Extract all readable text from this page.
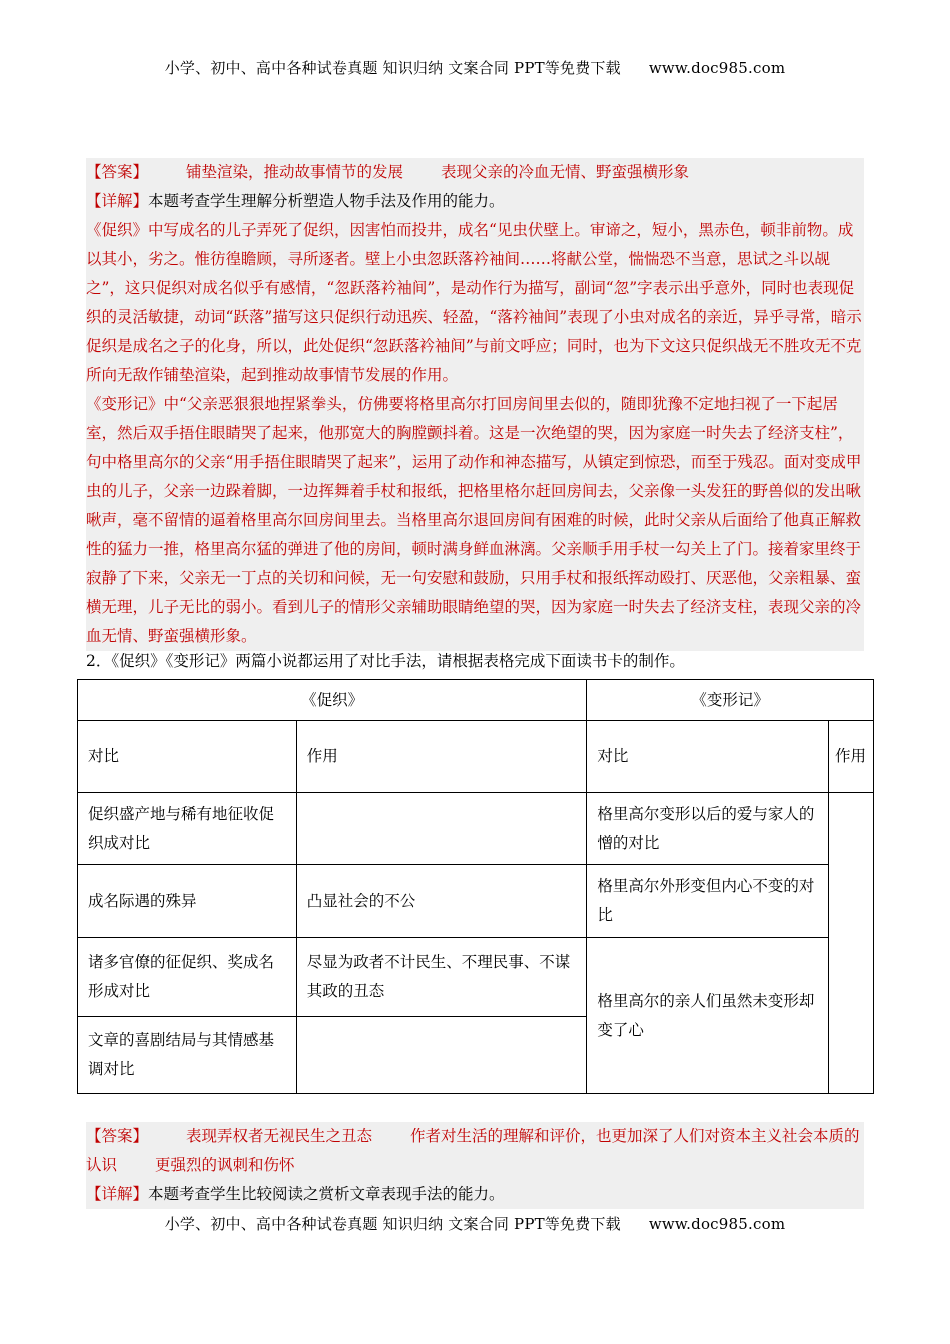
小学、初中、高中各种试卷真题 知识归纳 文案合同 PPT等免费下载 www.doc985.com

【答案】 铺垫渲染，推动故事情节的发展 表现父亲的冷血无情、野蛮强横形象

【详解】本题考查学生理解分析塑造人物手法及作用的能力。

《促织》中写成名的儿子弄死了促织，因害怕而投井，成名“见虫伏壁上。审谛之，短小，黑赤色，顿非前物。成以其小，劣之。惟彷徨瞻顾，寻所逐者。壁上小虫忽跃落衿袖间……将献公堂，惴惴恐不当意，思试之斗以觇之”，这只促织对成名似乎有感情，“忽跃落衿袖间”，是动作行为描写，副词“忽”字表示出乎意外，同时也表现促织的灵活敏捷，动词“跃落”描写这只促织行动迅疾、轻盈，“落衿袖间”表现了小虫对成名的亲近，异乎寻常，暗示促织是成名之子的化身，所以，此处促织“忽跃落衿袖间”与前文呼应；同时，也为下文这只促织战无不胜攻无不克所向无敌作铺垫渲染，起到推动故事情节发展的作用。

《变形记》中“父亲恶狠狠地捏紧拳头，仿佛要将格里高尔打回房间里去似的，随即犹豫不定地扫视了一下起居室，然后双手捂住眼睛哭了起来，他那宽大的胸膛颤抖着。这是一次绝望的哭，因为家庭一时失去了经济支柱”，句中格里高尔的父亲“用手捂住眼睛哭了起来”，运用了动作和神态描写，从镇定到惊恐，而至于残忍。面对变成甲虫的儿子，父亲一边跺着脚，一边挥舞着手杖和报纸，把格里格尔赶回房间去，父亲像一头发狂的野兽似的发出啾啾声，毫不留情的逼着格里高尔回房间里去。当格里高尔退回房间有困难的时候，此时父亲从后面给了他真正解救性的猛力一推，格里高尔猛的弹进了他的房间，顿时满身鲜血淋漓。父亲顺手用手杖一勾关上了门。接着家里终于寂静了下来，父亲无一丁点的关切和问候，无一句安慰和鼓励，只用手杖和报纸挥动殴打、厌恶他，父亲粗暴、蛮横无理，儿子无比的弱小。看到儿子的情形父亲辅助眼睛绝望的哭，因为家庭一时失去了经济支柱，表现父亲的冷血无情、野蛮强横形象。

2．《促织》《变形记》两篇小说都运用了对比手法，请根据表格完成下面读书卡的制作。
《促织》		《变形记》	
对比	作用	对比	作用
促织盛产地与稀有地征收促织成对比		格里高尔变形以后的爱与家人的憎的对比	
成名际遇的殊异	凸显社会的不公	格里高尔外形变但内心不变的对比	
诸多官僚的征促织、奖成名形成对比	尽显为政者不计民生、不理民事、不谋其政的丑态	格里高尔的亲人们虽然未变形却变了心	
文章的喜剧结局与其情感基调对比			

【答案】 表现弄权者无视民生之丑态 作者对生活的理解和评价，也更加深了人们对资本主义社会本质的认识 更强烈的讽刺和伤怀

【详解】本题考查学生比较阅读之赏析文章表现手法的能力。

小学、初中、高中各种试卷真题 知识归纳 文案合同 PPT等免费下载 www.doc985.com
